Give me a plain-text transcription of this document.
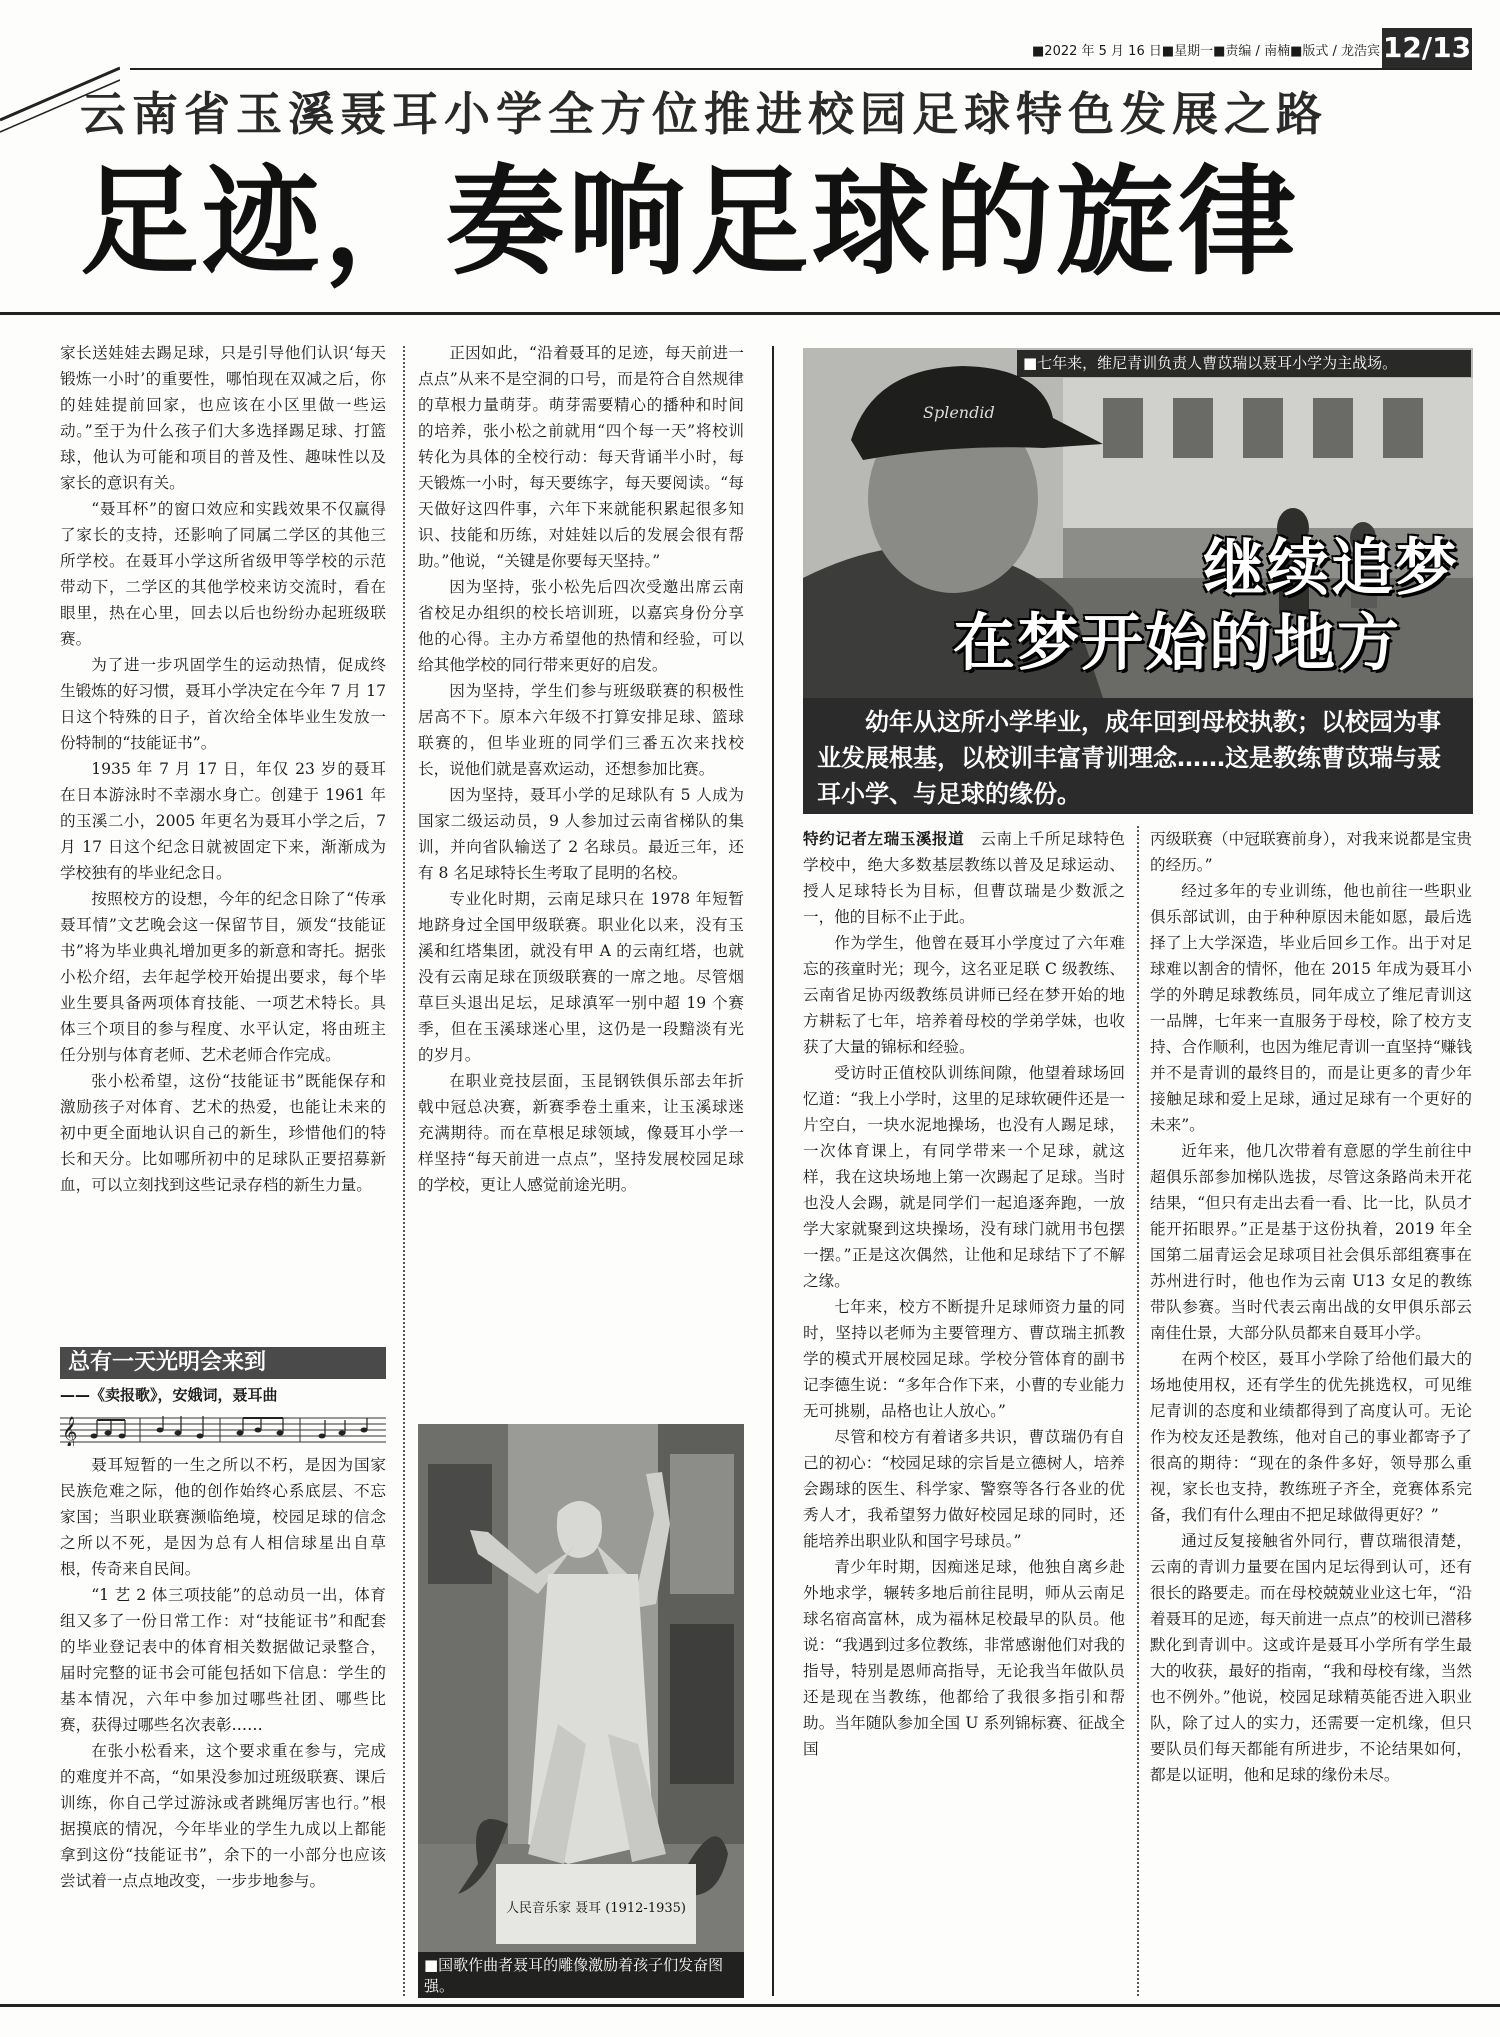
■2022 年 5 月 16 日■星期一■责编 / 南楠■版式 / 龙浩宾 12/13
云南省玉溪聂耳小学全方位推进校园足球特色发展之路
足迹，奏响足球的旋律

家长送娃娃去踢足球，只是引导他们认识‘每天锻炼一小时’的重要性，哪怕现在双减之后，你的娃娃提前回家，也应该在小区里做一些运动。”至于为什么孩子们大多选择踢足球、打篮球，他认为可能和项目的普及性、趣味性以及家长的意识有关。

“聂耳杯”的窗口效应和实践效果不仅赢得了家长的支持，还影响了同属二学区的其他三所学校。在聂耳小学这所省级甲等学校的示范带动下，二学区的其他学校来访交流时，看在眼里，热在心里，回去以后也纷纷办起班级联赛。

为了进一步巩固学生的运动热情，促成终生锻炼的好习惯，聂耳小学决定在今年 7 月 17 日这个特殊的日子，首次给全体毕业生发放一份特制的“技能证书”。

1935 年 7 月 17 日，年仅 23 岁的聂耳在日本游泳时不幸溺水身亡。创建于 1961 年的玉溪二小，2005 年更名为聂耳小学之后，7 月 17 日这个纪念日就被固定下来，渐渐成为学校独有的毕业纪念日。

按照校方的设想，今年的纪念日除了“传承聂耳情”文艺晚会这一保留节目，颁发“技能证书”将为毕业典礼增加更多的新意和寄托。据张小松介绍，去年起学校开始提出要求，每个毕业生要具备两项体育技能、一项艺术特长。具体三个项目的参与程度、水平认定，将由班主任分别与体育老师、艺术老师合作完成。

张小松希望，这份“技能证书”既能保存和激励孩子对体育、艺术的热爱，也能让未来的初中更全面地认识自己的新生，珍惜他们的特长和天分。比如哪所初中的足球队正要招募新血，可以立刻找到这些记录存档的新生力量。

总有一天光明会来到
——《卖报歌》，安娥词，聂耳曲
𝄞

聂耳短暂的一生之所以不朽，是因为国家民族危难之际，他的创作始终心系底层、不忘家国；当职业联赛濒临绝境，校园足球的信念之所以不死，是因为总有人相信球星出自草根，传奇来自民间。

“1 艺 2 体三项技能”的总动员一出，体育组又多了一份日常工作：对“技能证书”和配套的毕业登记表中的体育相关数据做记录整合，届时完整的证书会可能包括如下信息：学生的基本情况，六年中参加过哪些社团、哪些比赛，获得过哪些名次表彰……

在张小松看来，这个要求重在参与，完成的难度并不高，“如果没参加过班级联赛、课后训练，你自己学过游泳或者跳绳厉害也行。”根据摸底的情况，今年毕业的学生九成以上都能拿到这份“技能证书”，余下的一小部分也应该尝试着一点点地改变，一步步地参与。

正因如此，“沿着聂耳的足迹，每天前进一点点”从来不是空洞的口号，而是符合自然规律的草根力量萌芽。萌芽需要精心的播种和时间的培养，张小松之前就用“四个每一天”将校训转化为具体的全校行动：每天背诵半小时，每天锻炼一小时，每天要练字，每天要阅读。“每天做好这四件事，六年下来就能积累起很多知识、技能和历练，对娃娃以后的发展会很有帮助。”他说，“关键是你要每天坚持。”

因为坚持，张小松先后四次受邀出席云南省校足办组织的校长培训班，以嘉宾身份分享他的心得。主办方希望他的热情和经验，可以给其他学校的同行带来更好的启发。

因为坚持，学生们参与班级联赛的积极性居高不下。原本六年级不打算安排足球、篮球联赛的，但毕业班的同学们三番五次来找校长，说他们就是喜欢运动，还想参加比赛。

因为坚持，聂耳小学的足球队有 5 人成为国家二级运动员，9 人参加过云南省梯队的集训，并向省队输送了 2 名球员。最近三年，还有 8 名足球特长生考取了昆明的名校。

专业化时期，云南足球只在 1978 年短暂地跻身过全国甲级联赛。职业化以来，没有玉溪和红塔集团，就没有甲 A 的云南红塔，也就没有云南足球在顶级联赛的一席之地。尽管烟草巨头退出足坛，足球滇军一别中超 19 个赛季，但在玉溪球迷心里，这仍是一段黯淡有光的岁月。

在职业竞技层面，玉昆钢铁俱乐部去年折戟中冠总决赛，新赛季卷土重来，让玉溪球迷充满期待。而在草根足球领域，像聂耳小学一样坚持“每天前进一点点”，坚持发展校园足球的学校，更让人感觉前途光明。

人民音乐家 聂耳 (1912-1935)
■国歌作曲者聂耳的雕像激励着孩子们发奋图强。
Splendid
■七年来，维尼青训负责人曹苡瑞以聂耳小学为主战场。
继续追梦
在梦开始的地方
幼年从这所小学毕业，成年回到母校执教；以校园为事业发展根基，以校训丰富青训理念……这是教练曹苡瑞与聂耳小学、与足球的缘份。

特约记者左瑞玉溪报道　 云南上千所足球特色学校中，绝大多数基层教练以普及足球运动、授人足球特长为目标，但曹苡瑞是少数派之一，他的目标不止于此。

作为学生，他曾在聂耳小学度过了六年难忘的孩童时光；现今，这名亚足联 C 级教练、云南省足协丙级教练员讲师已经在梦开始的地方耕耘了七年，培养着母校的学弟学妹，也收获了大量的锦标和经验。

受访时正值校队训练间隙，他望着球场回忆道：“我上小学时，这里的足球软硬件还是一片空白，一块水泥地操场，也没有人踢足球，一次体育课上，有同学带来一个足球，就这样，我在这块场地上第一次踢起了足球。当时也没人会踢，就是同学们一起追逐奔跑，一放学大家就聚到这块操场，没有球门就用书包摆一摆。”正是这次偶然，让他和足球结下了不解之缘。

七年来，校方不断提升足球师资力量的同时，坚持以老师为主要管理方、曹苡瑞主抓教学的模式开展校园足球。学校分管体育的副书记李德生说：“多年合作下来，小曹的专业能力无可挑剔，品格也让人放心。”

尽管和校方有着诸多共识，曹苡瑞仍有自己的初心：“校园足球的宗旨是立德树人，培养会踢球的医生、科学家、警察等各行各业的优秀人才，我希望努力做好校园足球的同时，还能培养出职业队和国字号球员。”

青少年时期，因痴迷足球，他独自离乡赴外地求学，辗转多地后前往昆明，师从云南足球名宿高富林，成为福林足校最早的队员。他说：“我遇到过多位教练，非常感谢他们对我的指导，特别是恩师高指导，无论我当年做队员还是现在当教练，他都给了我很多指引和帮助。当年随队参加全国 U 系列锦标赛、征战全国

丙级联赛（中冠联赛前身），对我来说都是宝贵的经历。”

经过多年的专业训练，他也前往一些职业俱乐部试训，由于种种原因未能如愿，最后选择了上大学深造，毕业后回乡工作。出于对足球难以割舍的情怀，他在 2015 年成为聂耳小学的外聘足球教练员，同年成立了维尼青训这一品牌，七年来一直服务于母校，除了校方支持、合作顺利，也因为维尼青训一直坚持“赚钱并不是青训的最终目的，而是让更多的青少年接触足球和爱上足球，通过足球有一个更好的未来”。

近年来，他几次带着有意愿的学生前往中超俱乐部参加梯队选拔，尽管这条路尚未开花结果，“但只有走出去看一看、比一比，队员才能开拓眼界。”正是基于这份执着，2019 年全国第二届青运会足球项目社会俱乐部组赛事在苏州进行时，他也作为云南 U13 女足的教练带队参赛。当时代表云南出战的女甲俱乐部云南佳仕景，大部分队员都来自聂耳小学。

在两个校区，聂耳小学除了给他们最大的场地使用权，还有学生的优先挑选权，可见维尼青训的态度和业绩都得到了高度认可。无论作为校友还是教练，他对自己的事业都寄予了很高的期待：“现在的条件多好，领导那么重视，家长也支持，教练班子齐全，竞赛体系完备，我们有什么理由不把足球做得更好？”

通过反复接触省外同行，曹苡瑞很清楚，云南的青训力量要在国内足坛得到认可，还有很长的路要走。而在母校兢兢业业这七年，“沿着聂耳的足迹，每天前进一点点”的校训已潜移默化到青训中。这或许是聂耳小学所有学生最大的收获，最好的指南，“我和母校有缘，当然也不例外。”他说，校园足球精英能否进入职业队，除了过人的实力，还需要一定机缘，但只要队员们每天都能有所进步，不论结果如何，都是以证明，他和足球的缘份未尽。
